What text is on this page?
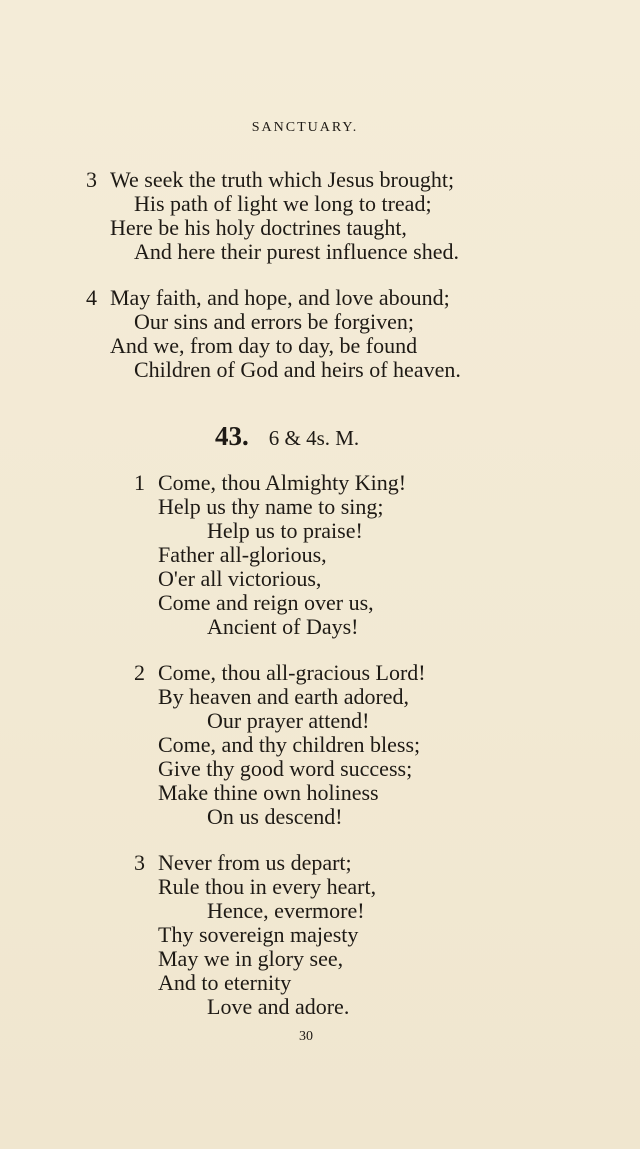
SANCTUARY.
3 We seek the truth which Jesus brought;
His path of light we long to tread;
Here be his holy doctrines taught,
And here their purest influence shed.
4 May faith, and hope, and love abound;
Our sins and errors be forgiven;
And we, from day to day, be found
Children of God and heirs of heaven.
43. 6 & 4s. M.
1 Come, thou Almighty King!
Help us thy name to sing;
Help us to praise!
Father all-glorious,
O'er all victorious,
Come and reign over us,
Ancient of Days!
2 Come, thou all-gracious Lord!
By heaven and earth adored,
Our prayer attend!
Come, and thy children bless;
Give thy good word success;
Make thine own holiness
On us descend!
3 Never from us depart;
Rule thou in every heart,
Hence, evermore!
Thy sovereign majesty
May we in glory see,
And to eternity
Love and adore.
30
